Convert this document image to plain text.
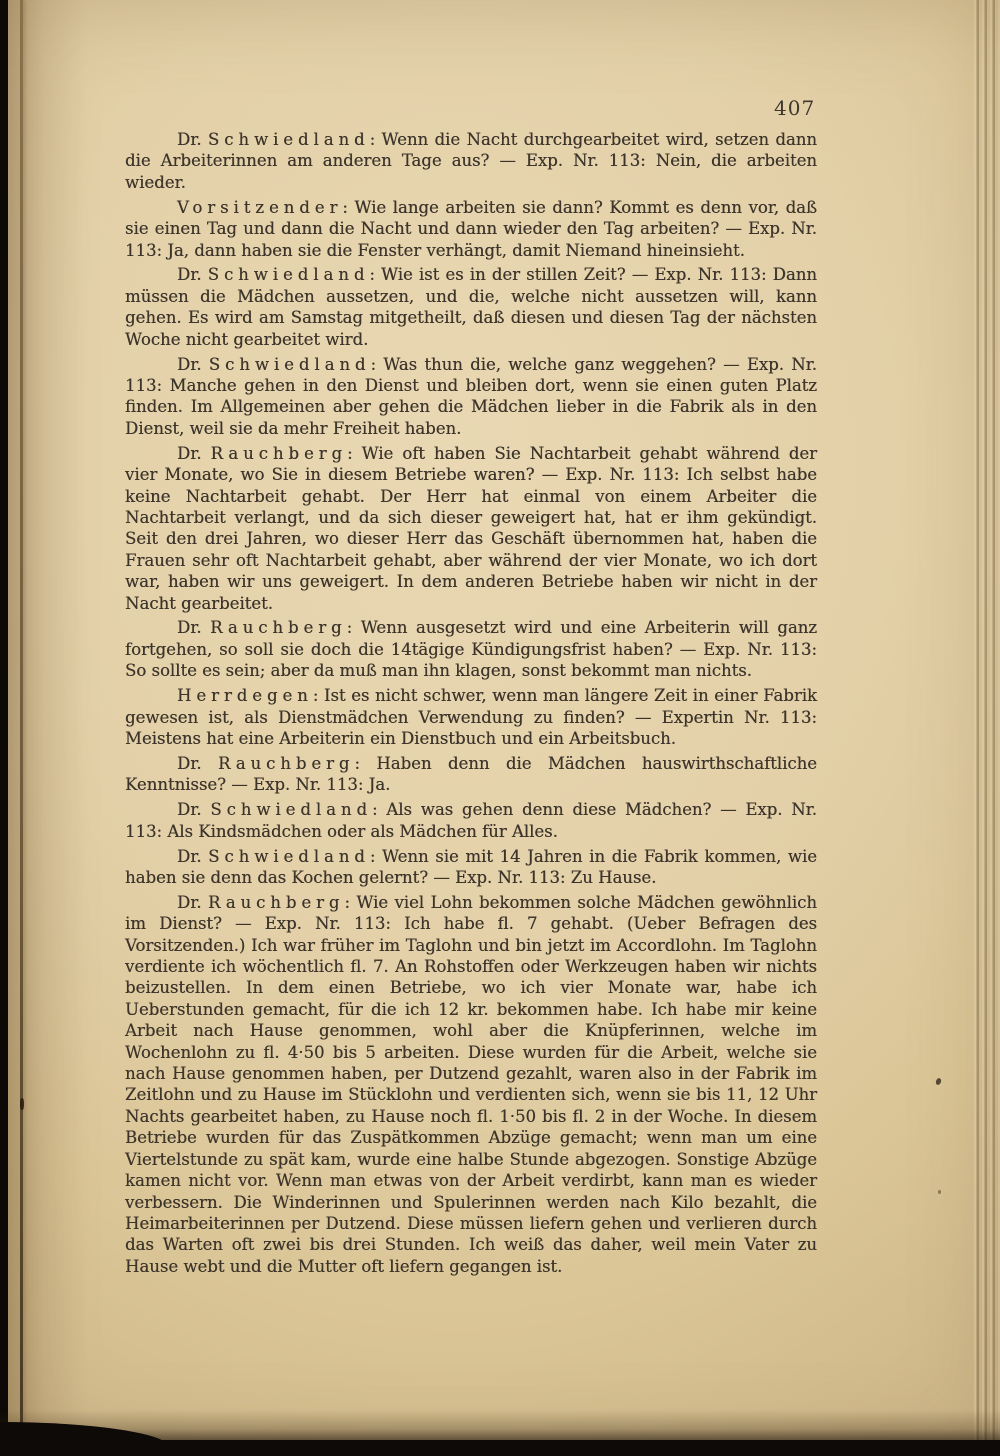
407

Dr. Schwiedland: Wenn die Nacht durchgearbeitet wird, setzen dann die Arbeiterinnen am anderen Tage aus? — Exp. Nr. 113: Nein, die arbeiten wieder.

Vorsitzender: Wie lange arbeiten sie dann? Kommt es denn vor, daß sie einen Tag und dann die Nacht und dann wieder den Tag arbeiten? — Exp. Nr. 113: Ja, dann haben sie die Fenster verhängt, damit Niemand hineinsieht.

Dr. Schwiedland: Wie ist es in der stillen Zeit? — Exp. Nr. 113: Dann müssen die Mädchen aussetzen, und die, welche nicht aussetzen will, kann gehen. Es wird am Samstag mitgetheilt, daß diesen und diesen Tag der nächsten Woche nicht gearbeitet wird.

Dr. Schwiedland: Was thun die, welche ganz weggehen? — Exp. Nr. 113: Manche gehen in den Dienst und bleiben dort, wenn sie einen guten Platz finden. Im Allgemeinen aber gehen die Mädchen lieber in die Fabrik als in den Dienst, weil sie da mehr Freiheit haben.

Dr. Rauchberg: Wie oft haben Sie Nachtarbeit gehabt während der vier Monate, wo Sie in diesem Betriebe waren? — Exp. Nr. 113: Ich selbst habe keine Nachtarbeit gehabt. Der Herr hat einmal von einem Arbeiter die Nachtarbeit verlangt, und da sich dieser geweigert hat, hat er ihm gekündigt. Seit den drei Jahren, wo dieser Herr das Geschäft übernommen hat, haben die Frauen sehr oft Nachtarbeit gehabt, aber während der vier Monate, wo ich dort war, haben wir uns geweigert. In dem anderen Betriebe haben wir nicht in der Nacht gearbeitet.

Dr. Rauchberg: Wenn ausgesetzt wird und eine Arbeiterin will ganz fortgehen, so soll sie doch die 14tägige Kündigungsfrist haben? — Exp. Nr. 113: So sollte es sein; aber da muß man ihn klagen, sonst bekommt man nichts.

Herrdegen: Ist es nicht schwer, wenn man längere Zeit in einer Fabrik gewesen ist, als Dienstmädchen Verwendung zu finden? — Expertin Nr. 113: Meistens hat eine Arbeiterin ein Dienstbuch und ein Arbeitsbuch.

Dr. Rauchberg: Haben denn die Mädchen hauswirthschaftliche Kenntnisse? — Exp. Nr. 113: Ja.

Dr. Schwiedland: Als was gehen denn diese Mädchen? — Exp. Nr. 113: Als Kindsmädchen oder als Mädchen für Alles.

Dr. Schwiedland: Wenn sie mit 14 Jahren in die Fabrik kommen, wie haben sie denn das Kochen gelernt? — Exp. Nr. 113: Zu Hause.

Dr. Rauchberg: Wie viel Lohn bekommen solche Mädchen gewöhnlich im Dienst? — Exp. Nr. 113: Ich habe fl. 7 gehabt. (Ueber Befragen des Vorsitzenden.) Ich war früher im Taglohn und bin jetzt im Accordlohn. Im Taglohn verdiente ich wöchentlich fl. 7. An Rohstoffen oder Werkzeugen haben wir nichts beizustellen. In dem einen Betriebe, wo ich vier Monate war, habe ich Ueberstunden gemacht, für die ich 12 kr. bekommen habe. Ich habe mir keine Arbeit nach Hause genommen, wohl aber die Knüpferinnen, welche im Wochenlohn zu fl. 4·50 bis 5 arbeiten. Diese wurden für die Arbeit, welche sie nach Hause genommen haben, per Dutzend gezahlt, waren also in der Fabrik im Zeitlohn und zu Hause im Stücklohn und verdienten sich, wenn sie bis 11, 12 Uhr Nachts gearbeitet haben, zu Hause noch fl. 1·50 bis fl. 2 in der Woche. In diesem Betriebe wurden für das Zuspätkommen Abzüge gemacht; wenn man um eine Viertelstunde zu spät kam, wurde eine halbe Stunde abgezogen. Sonstige Abzüge kamen nicht vor. Wenn man etwas von der Arbeit verdirbt, kann man es wieder verbessern. Die Winderinnen und Spulerinnen werden nach Kilo bezahlt, die Heimarbeiterinnen per Dutzend. Diese müssen liefern gehen und verlieren durch das Warten oft zwei bis drei Stunden. Ich weiß das daher, weil mein Vater zu Hause webt und die Mutter oft liefern gegangen ist.
